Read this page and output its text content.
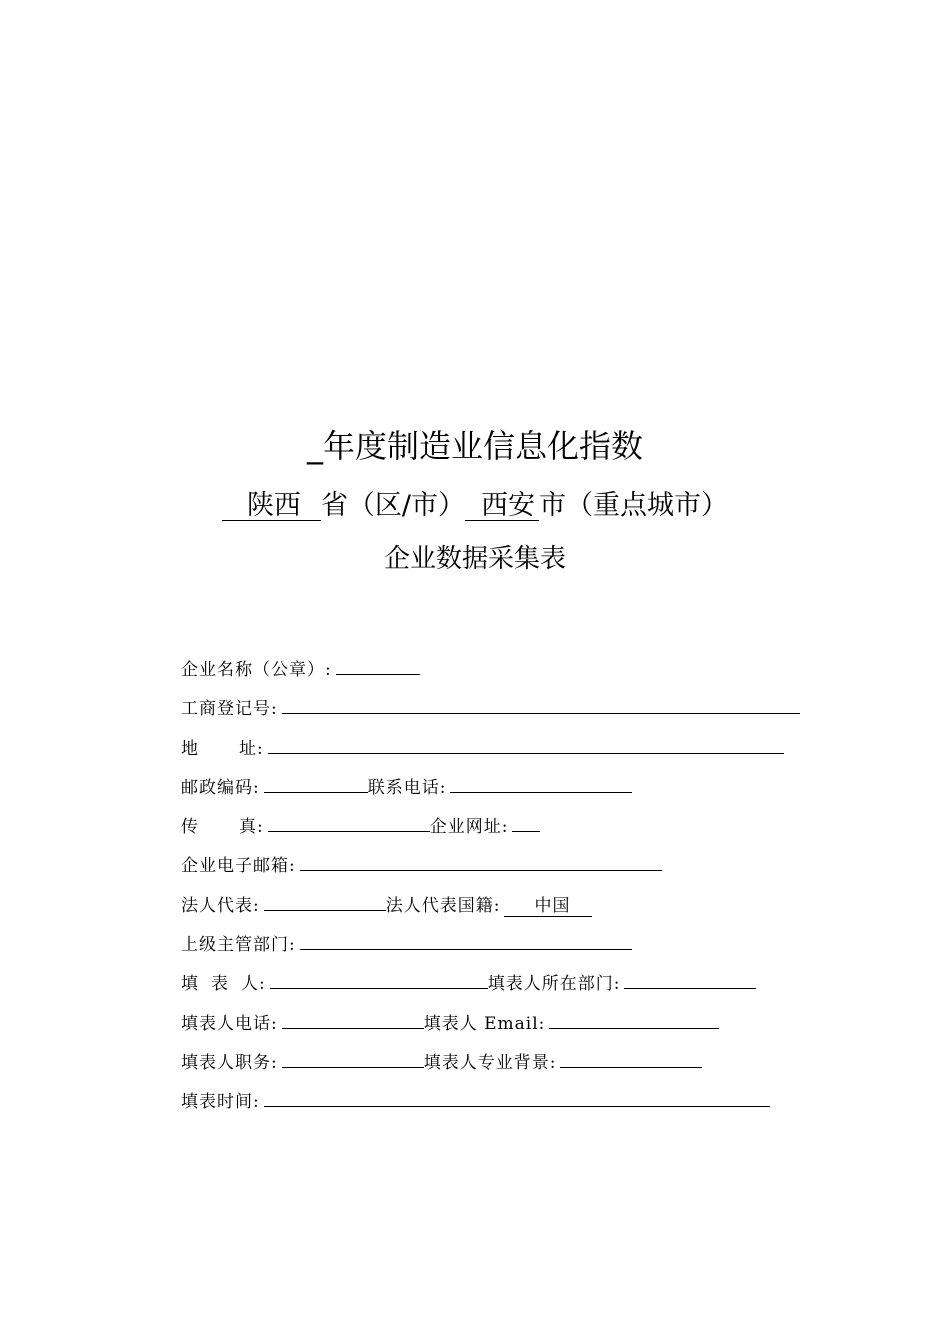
_年度制造业信息化指数
陕西 省（区/市） 西安 市（重点城市）
企业数据采集表
企业名称（公章）:
工商登记号:
地 址:
邮政编码:	联系电话:
传 真:	企业网址:
企业电子邮箱:
法人代表:	法人代表国籍: 中国
上级主管部门:
填 表 人:	填表人所在部门:
填表人电话:	填表人 Email:
填表人职务:	填表人专业背景:
填表时间:
